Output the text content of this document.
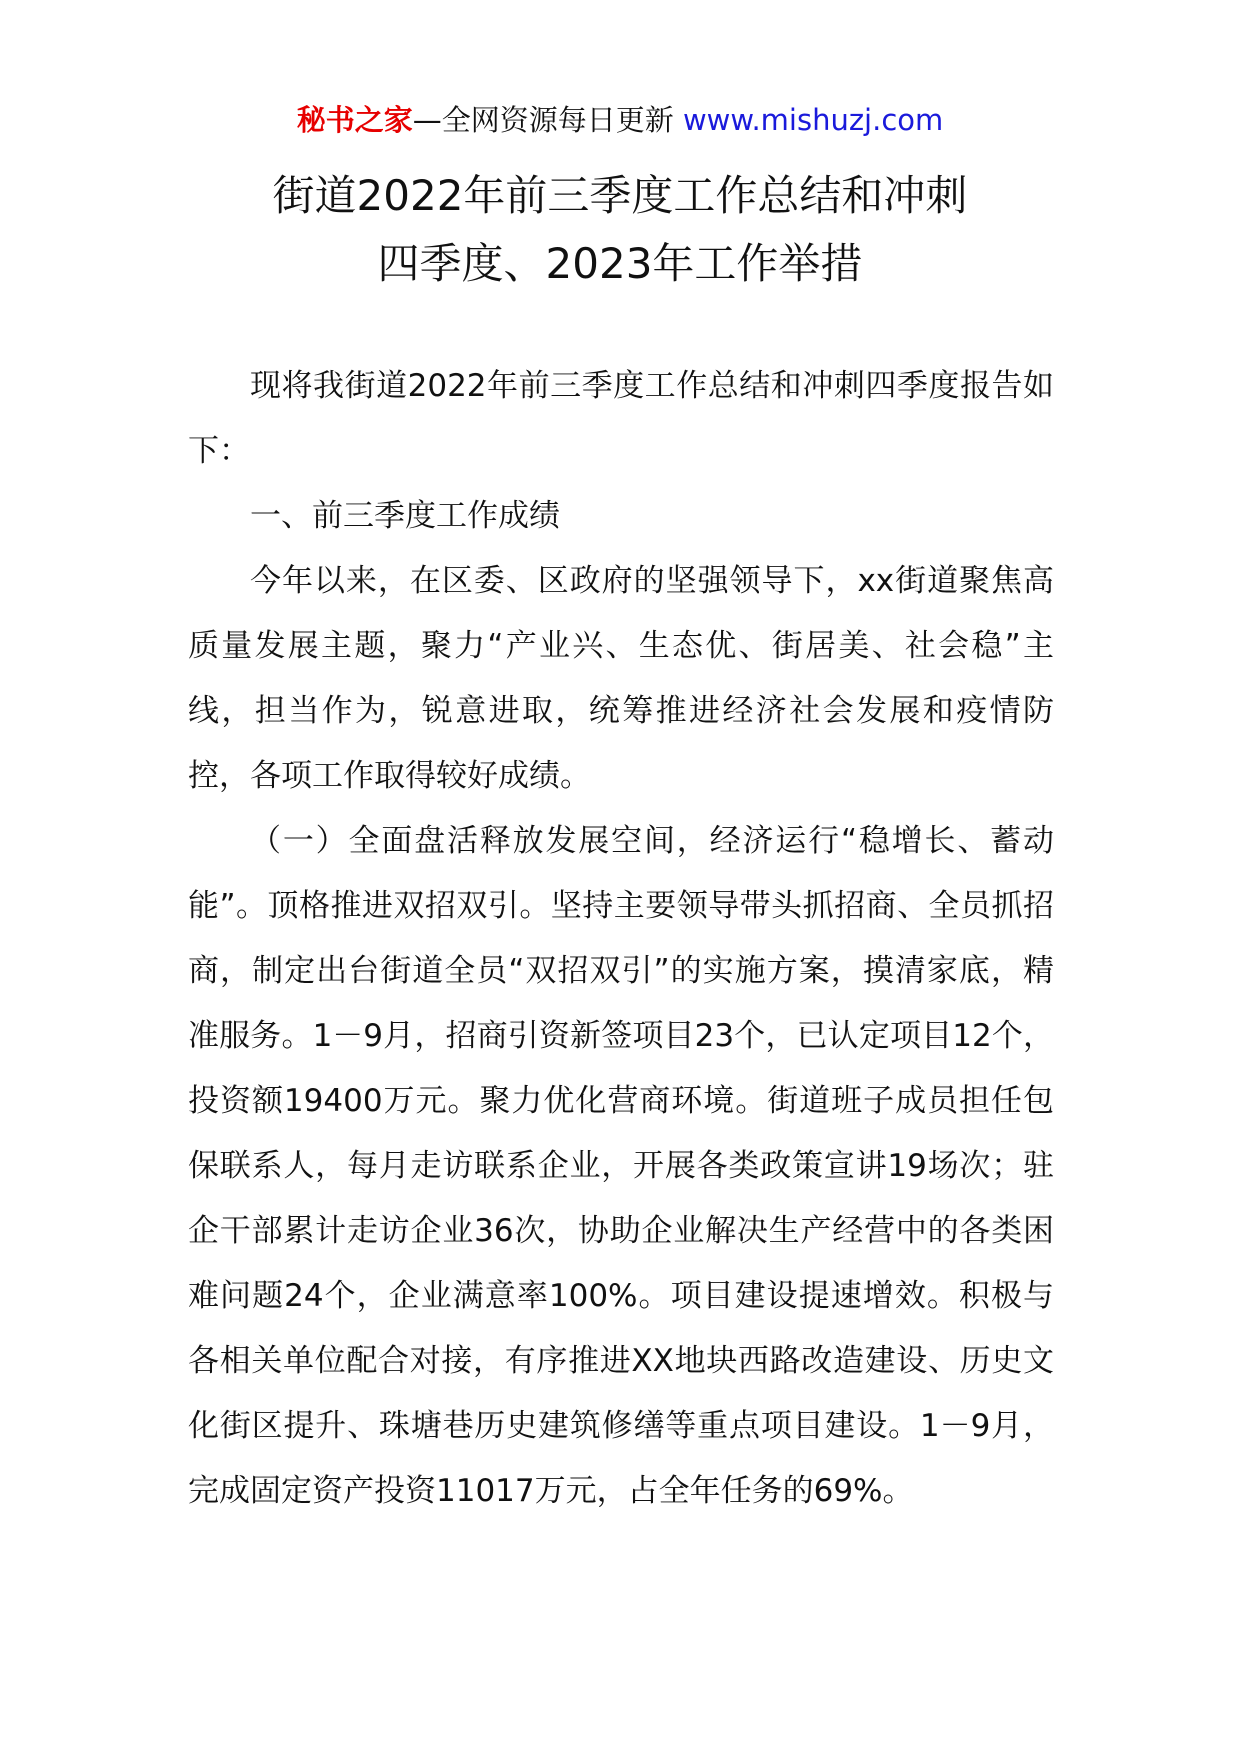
秘书之家—全网资源每日更新 www.mishuzj.com
街道2022年前三季度工作总结和冲刺
四季度、2023年工作举措

现将我街道2022年前三季度工作总结和冲刺四季度报告如下：

一、前三季度工作成绩

今年以来，在区委、区政府的坚强领导下，xx街道聚焦高质量发展主题，聚力“产业兴、生态优、街居美、社会稳”主线，担当作为，锐意进取，统筹推进经济社会发展和疫情防控，各项工作取得较好成绩。

（一）全面盘活释放发展空间，经济运行“稳增长、蓄动能”。顶格推进双招双引。坚持主要领导带头抓招商、全员抓招商，制定出台街道全员“双招双引”的实施方案，摸清家底，精准服务。1－9月，招商引资新签项目23个，已认定项目12个，投资额19400万元。聚力优化营商环境。街道班子成员担任包保联系人，每月走访联系企业，开展各类政策宣讲19场次；驻企干部累计走访企业36次，协助企业解决生产经营中的各类困难问题24个，企业满意率100%。项目建设提速增效。积极与各相关单位配合对接，有序推进XX地块西路改造建设、历史文化街区提升、珠塘巷历史建筑修缮等重点项目建设。1－9月，完成固定资产投资11017万元，占全年任务的69%。
